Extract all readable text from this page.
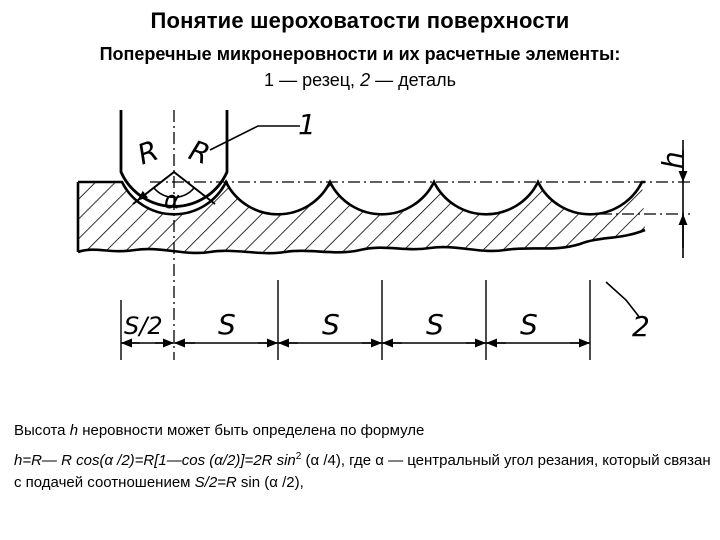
Понятие шероховатости поверхности
Поперечные микронеровности и их расчетные элементы:
1 — резец, 2 — деталь
1
2
R R
α
h
S/2 S	S	S	S

Высота h неровности может быть определена по формуле

h=R— R cos(α /2)=R[1—cos (α/2)]=2R $\sin^2 (\alpha$ /4), где α — центральный угол резания, который связан с подачей соотношением S/2=R sin (α /2),
